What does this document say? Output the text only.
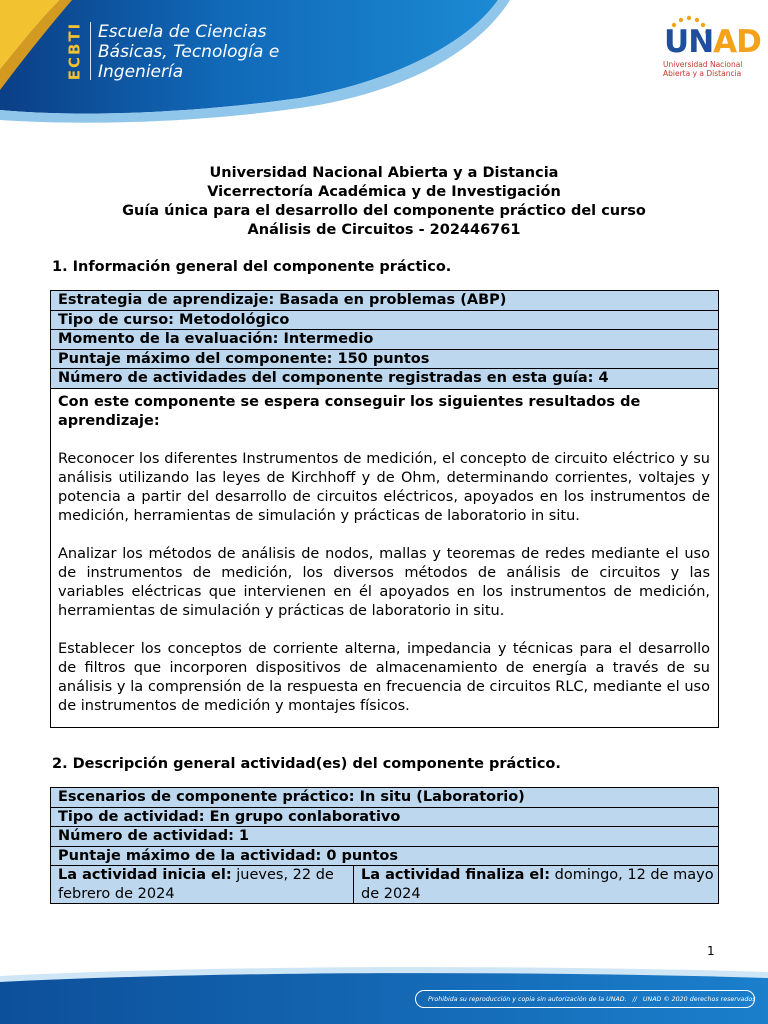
ECBTI Escuela de Ciencias
Básicas, Tecnología e
Ingeniería
UNAD
Universidad Nacional
Abierta y a Distancia
Universidad Nacional Abierta y a Distancia
Vicerrectoría Académica y de Investigación
Guía única para el desarrollo del componente práctico del curso
Análisis de Circuitos - 202446761
1. Información general del componente práctico.
Estrategia de aprendizaje: Basada en problemas (ABP)
Tipo de curso: Metodológico
Momento de la evaluación: Intermedio
Puntaje máximo del componente: 150 puntos
Número de actividades del componente registradas en esta guía: 4
Con este componente se espera conseguir los siguientes resultados de aprendizaje:

Reconocer los diferentes Instrumentos de medición, el concepto de circuito eléctrico y su análisis utilizando las leyes de Kirchhoff y de Ohm, determinando corrientes, voltajes y potencia a partir del desarrollo de circuitos eléctricos, apoyados en los instrumentos de medición, herramientas de simulación y prácticas de laboratorio in situ.

Analizar los métodos de análisis de nodos, mallas y teoremas de redes mediante el uso de instrumentos de medición, los diversos métodos de análisis de circuitos y las variables eléctricas que intervienen en él apoyados en los instrumentos de medición, herramientas de simulación y prácticas de laboratorio in situ.

Establecer los conceptos de corriente alterna, impedancia y técnicas para el desarrollo de filtros que incorporen dispositivos de almacenamiento de energía a través de su análisis y la comprensión de la respuesta en frecuencia de circuitos RLC, mediante el uso de instrumentos de medición y montajes físicos.

2. Descripción general actividad(es) del componente práctico.
Escenarios de componente práctico: In situ (Laboratorio)
Tipo de actividad: En grupo conlaborativo
Número de actividad: 1
Puntaje máximo de la actividad: 0 puntos
La actividad inicia el: jueves, 22 de febrero de 2024
La actividad finaliza el: domingo, 12 de mayo de 2024
1
Prohibida su reproducción y copia sin autorización de la UNAD. // UNAD © 2020 derechos reservados
